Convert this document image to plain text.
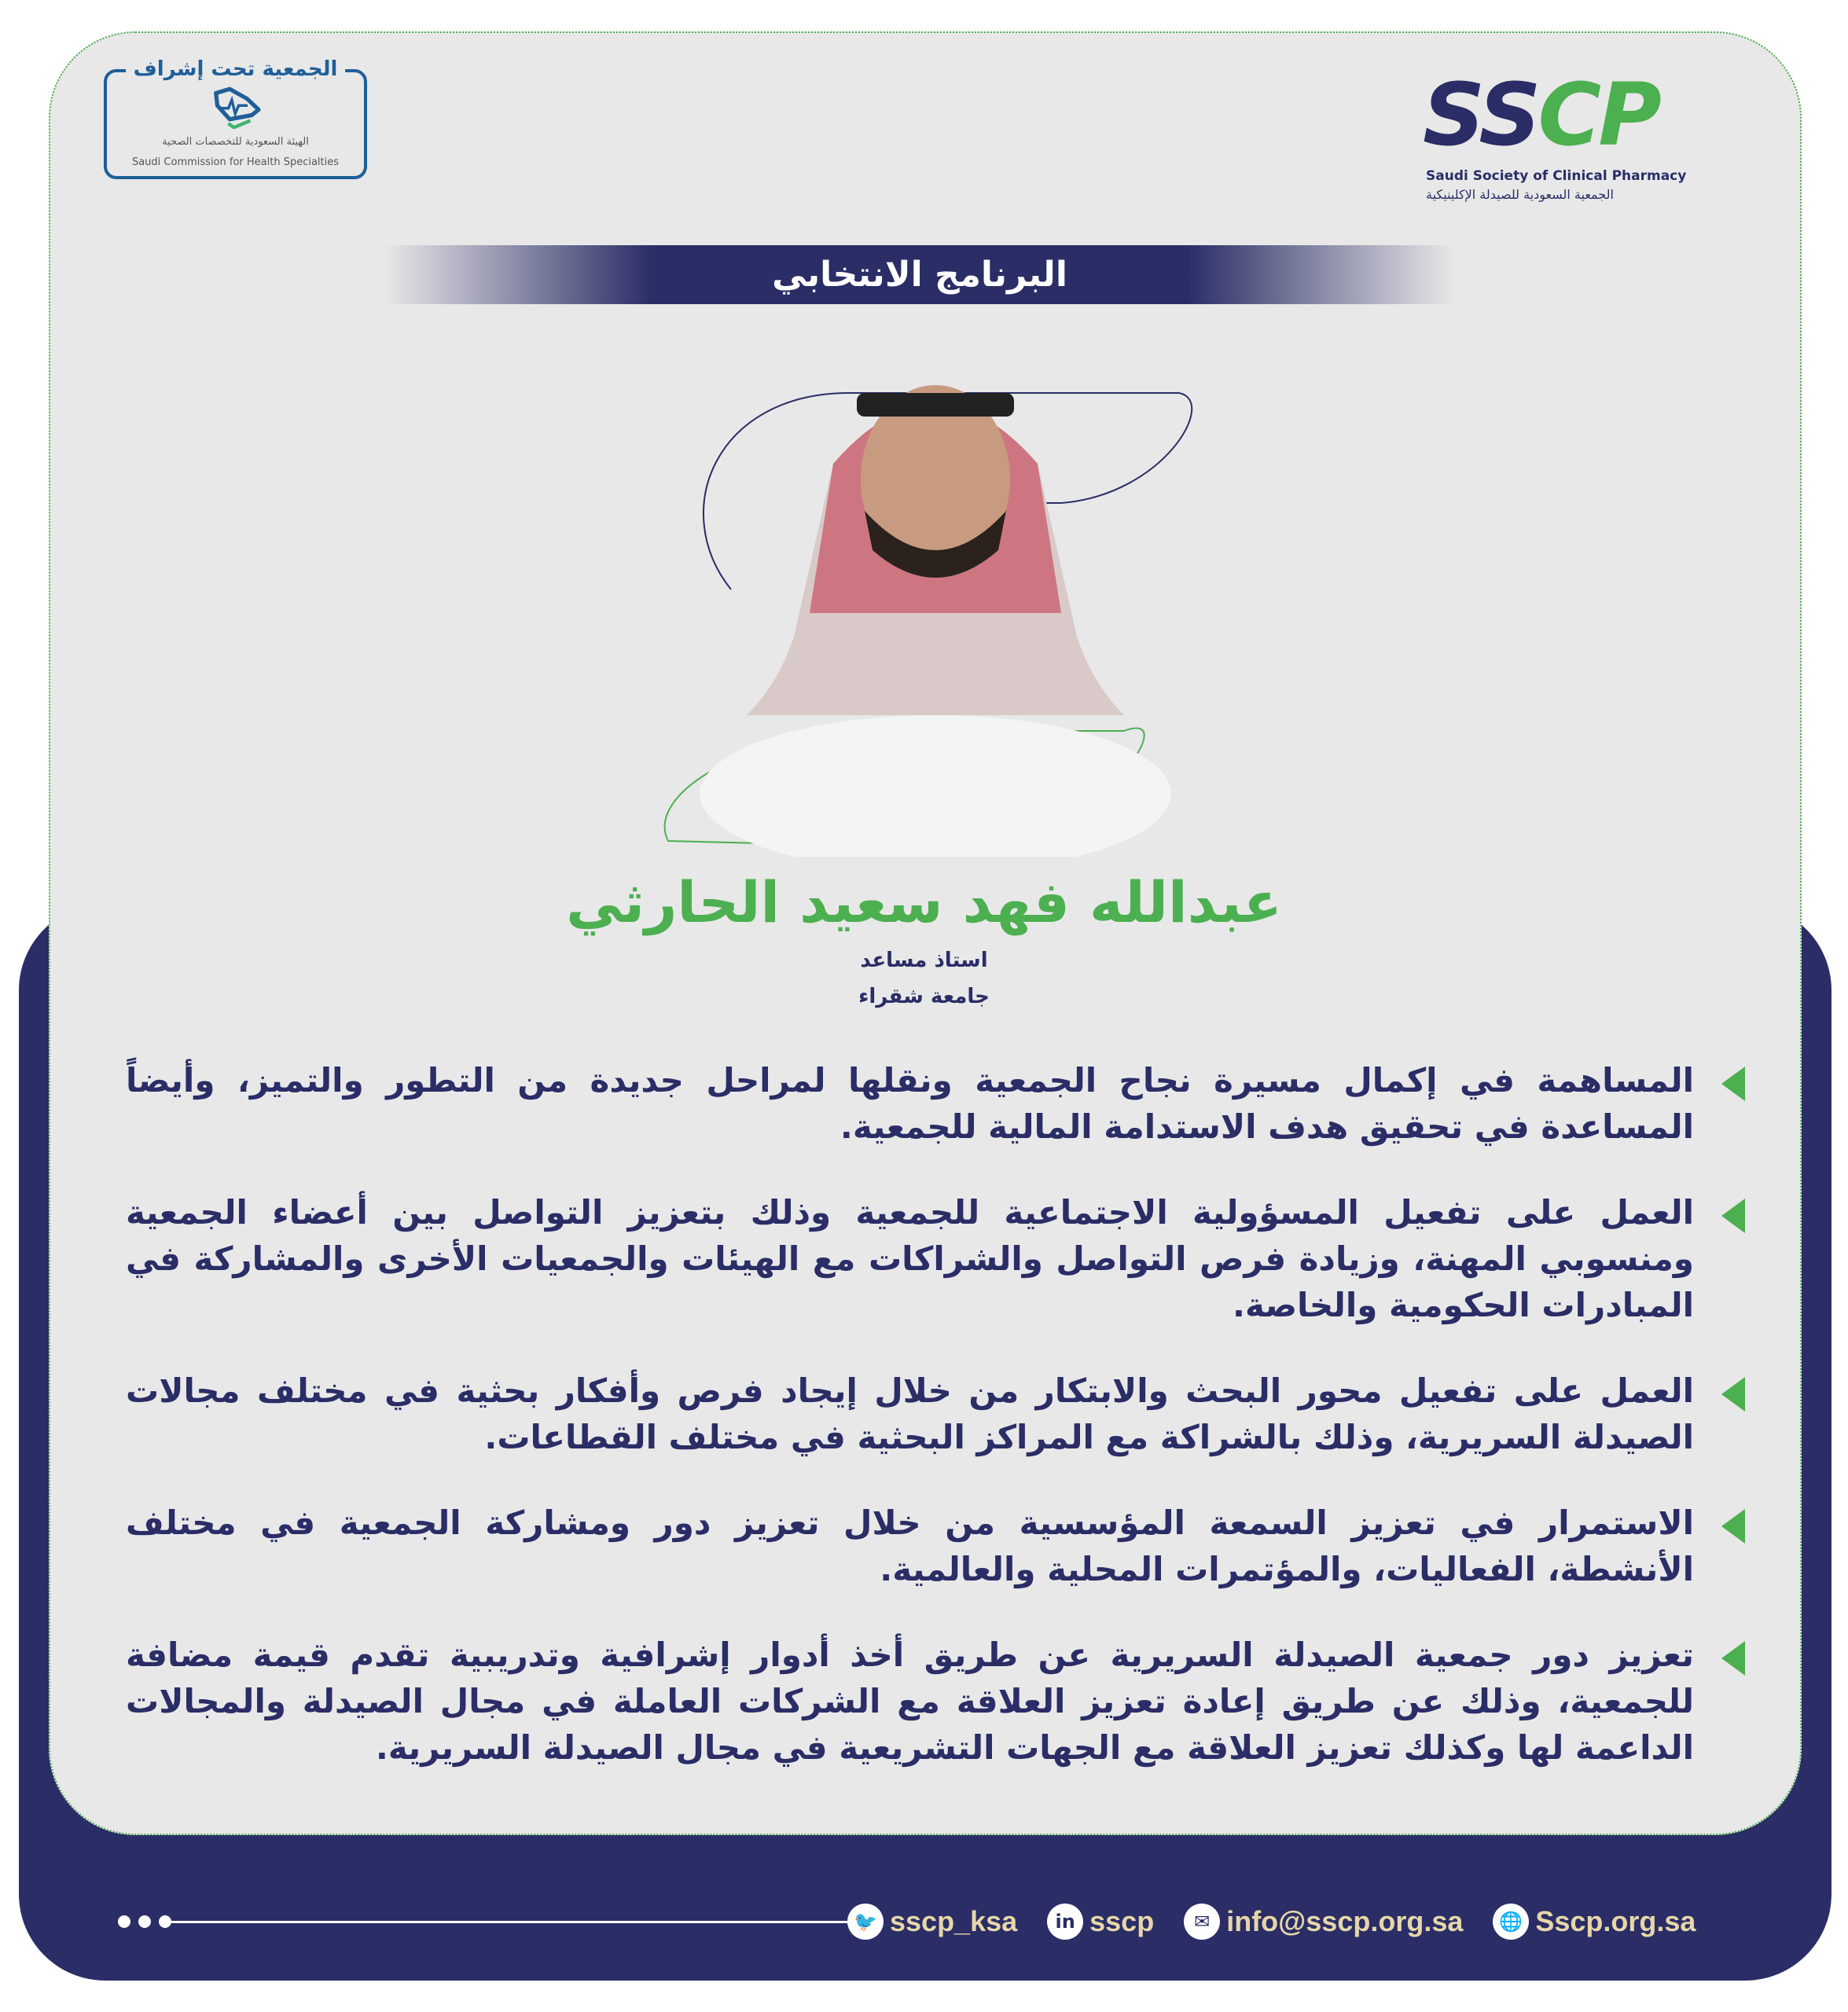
الجمعية تحت إشراف
الهيئة السعودية للتخصصات الصحية
Saudi Commission for Health Specialties	SSCP
Saudi Society of Clinical Pharmacy
الجمعية السعودية للصيدلة الإكلينيكية
البرنامج الانتخابي
عبدالله فهد سعيد الحارثي
استاذ مساعد
جامعة شقراء
المساهمة في إكمال مسيرة نجاح الجمعية ونقلها لمراحل جديدة من التطور والتميز، وأيضاً المساعدة في تحقيق هدف الاستدامة المالية للجمعية.
العمل على تفعيل المسؤولية الاجتماعية للجمعية وذلك بتعزيز التواصل بين أعضاء الجمعية ومنسوبي المهنة، وزيادة فرص التواصل والشراكات مع الهيئات والجمعيات الأخرى والمشاركة في المبادرات الحكومية والخاصة.
العمل على تفعيل محور البحث والابتكار من خلال إيجاد فرص وأفكار بحثية في مختلف مجالات الصيدلة السريرية، وذلك بالشراكة مع المراكز البحثية في مختلف القطاعات.
الاستمرار في تعزيز السمعة المؤسسية من خلال تعزيز دور ومشاركة الجمعية في مختلف الأنشطة، الفعاليات، والمؤتمرات المحلية والعالمية.
تعزيز دور جمعية الصيدلة السريرية عن طريق أخذ أدوار إشرافية وتدريبية تقدم قيمة مضافة للجمعية، وذلك عن طريق إعادة تعزيز العلاقة مع الشركات العاملة في مجال الصيدلة والمجالات الداعمة لها وكذلك تعزيز العلاقة مع الجهات التشريعية في مجال الصيدلة السريرية.
🐦 sscp_ksa	in sscp	✉ info@sscp.org.sa	🌐 Sscp.org.sa
